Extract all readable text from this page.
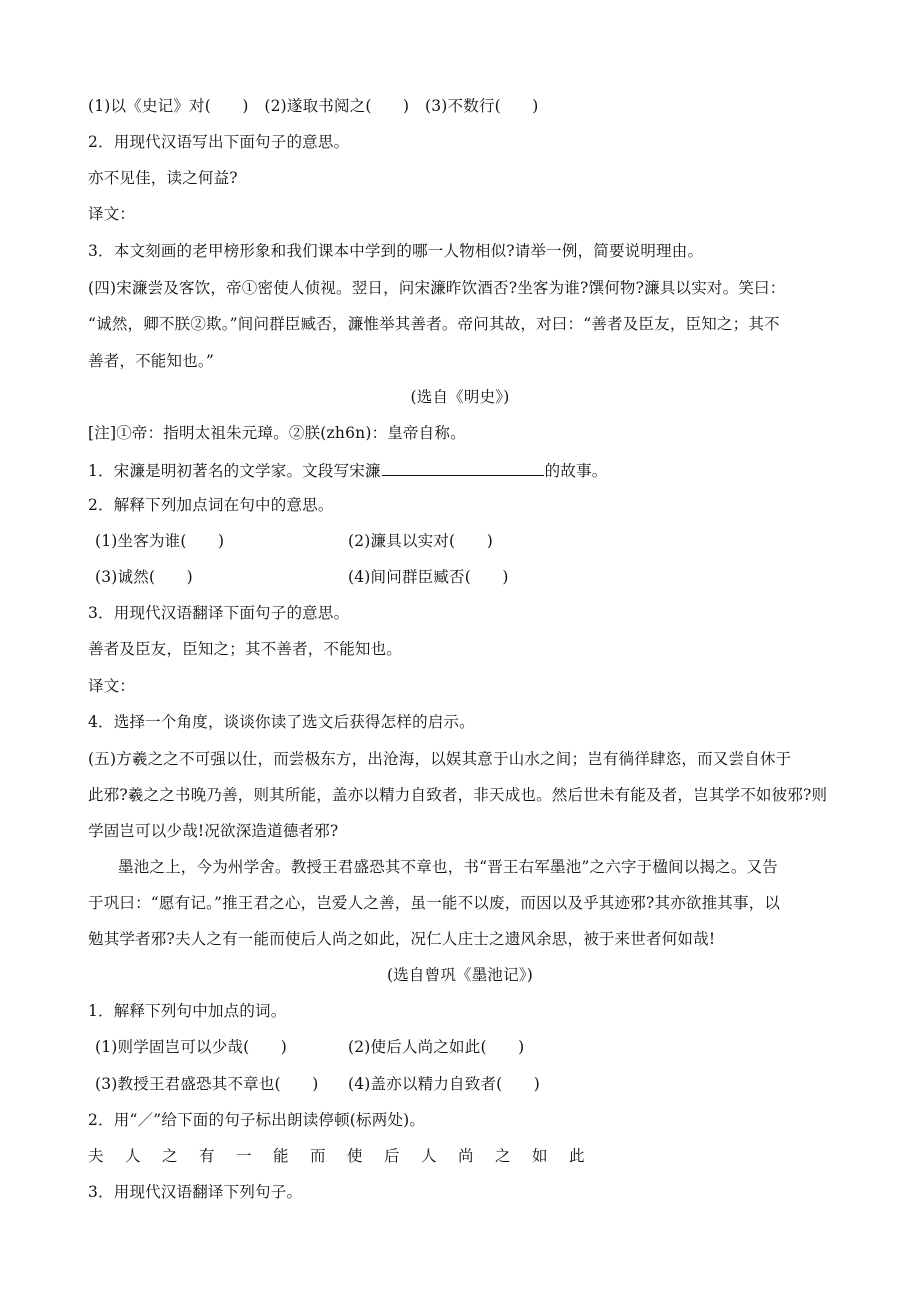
(1)以《史记》对(　　)　(2)遂取书阅之(　　)　(3)不数行(　　)
2．用现代汉语写出下面句子的意思。
亦不见佳，读之何益?
译文：
3．本文刻画的老甲榜形象和我们课本中学到的哪一人物相似?请举一例，简要说明理由。
(四)宋濂尝及客饮，帝①密使人侦视。翌日，问宋濂昨饮酒否?坐客为谁?馔何物?濂具以实对。笑曰：
“诚然，卿不朕②欺。”间问群臣臧否，濂惟举其善者。帝问其故，对曰：“善者及臣友，臣知之；其不
善者，不能知也。”
(选自《明史》)
[注]①帝：指明太祖朱元璋。②朕(zh6n)：皇帝自称。
1．宋濂是明初著名的文学家。文段写宋濂	的故事。
2．解释下列加点词在句中的意思。
(1)坐客为谁(　　)	(2)濂具以实对(　　)
(3)诚然(　　)	(4)间问群臣臧否(　　)
3．用现代汉语翻译下面句子的意思。
善者及臣友，臣知之；其不善者，不能知也。
译文：
4．选择一个角度，谈谈你读了选文后获得怎样的启示。
(五)方羲之之不可强以仕，而尝极东方，出沧海，以娱其意于山水之间；岂有徜徉肆恣，而又尝自休于
此邪?羲之之书晚乃善，则其所能，盖亦以精力自致者，非天成也。然后世未有能及者，岂其学不如彼邪?则
学固岂可以少哉!况欲深造道德者邪?
墨池之上，今为州学舍。教授王君盛恐其不章也，书“晋王右军墨池”之六字于楹间以揭之。又告
于巩曰：“愿有记。”推王君之心，岂爱人之善，虽一能不以废，而因以及乎其迹邪?其亦欲推其事，以
勉其学者邪?夫人之有一能而使后人尚之如此，况仁人庄士之遗风余思，被于来世者何如哉!
(选自曾巩《墨池记》)
1．解释下列句中加点的词。
(1)则学固岂可以少哉(　　)	(2)使后人尚之如此(　　)
(3)教授王君盛恐其不章也(　　) (4)盖亦以精力自致者(　　)
2．用“／”给下面的句子标出朗读停顿(标两处)。
夫人之有一能而使后人尚之如此
3．用现代汉语翻译下列句子。
